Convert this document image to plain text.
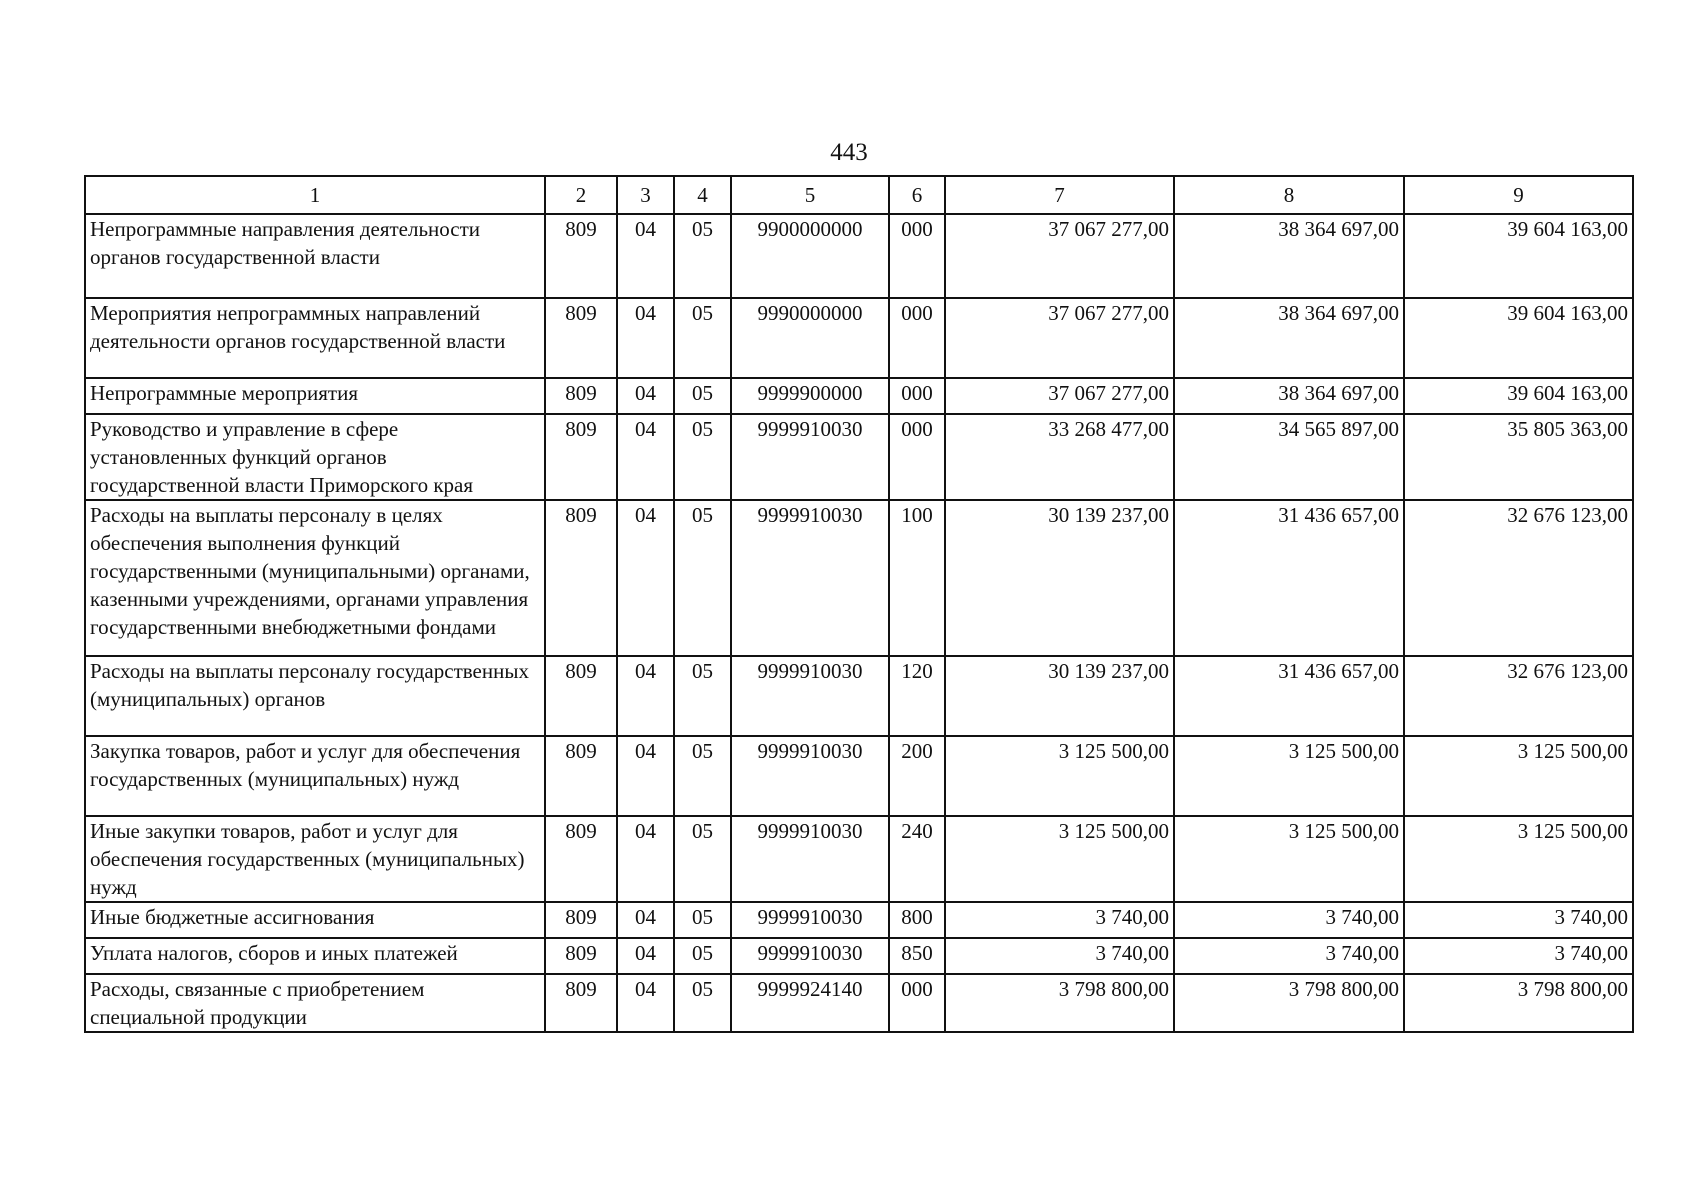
443
1	2	3	4	5	6	7	8	9
Непрограммные направления деятельности органов государственной власти	809	04	05	9900000000	000	37 067 277,00	38 364 697,00	39 604 163,00
Мероприятия непрограммных направлений деятельности органов государственной власти	809	04	05	9990000000	000	37 067 277,00	38 364 697,00	39 604 163,00
Непрограммные мероприятия	809	04	05	9999900000	000	37 067 277,00	38 364 697,00	39 604 163,00
Руководство и управление в сфере установленных функций органов государственной власти Приморского края	809	04	05	9999910030	000	33 268 477,00	34 565 897,00	35 805 363,00
Расходы на выплаты персоналу в целях обеспечения выполнения функций государственными (муниципальными) органами, казенными учреждениями, органами управления государственными внебюджетными фондами	809	04	05	9999910030	100	30 139 237,00	31 436 657,00	32 676 123,00
Расходы на выплаты персоналу государственных (муниципальных) органов	809	04	05	9999910030	120	30 139 237,00	31 436 657,00	32 676 123,00
Закупка товаров, работ и услуг для обеспечения государственных (муниципальных) нужд	809	04	05	9999910030	200	3 125 500,00	3 125 500,00	3 125 500,00
Иные закупки товаров, работ и услуг для обеспечения государственных (муниципальных) нужд	809	04	05	9999910030	240	3 125 500,00	3 125 500,00	3 125 500,00
Иные бюджетные ассигнования	809	04	05	9999910030	800	3 740,00	3 740,00	3 740,00
Уплата налогов, сборов и иных платежей	809	04	05	9999910030	850	3 740,00	3 740,00	3 740,00
Расходы, связанные с приобретением специальной продукции	809	04	05	9999924140	000	3 798 800,00	3 798 800,00	3 798 800,00
